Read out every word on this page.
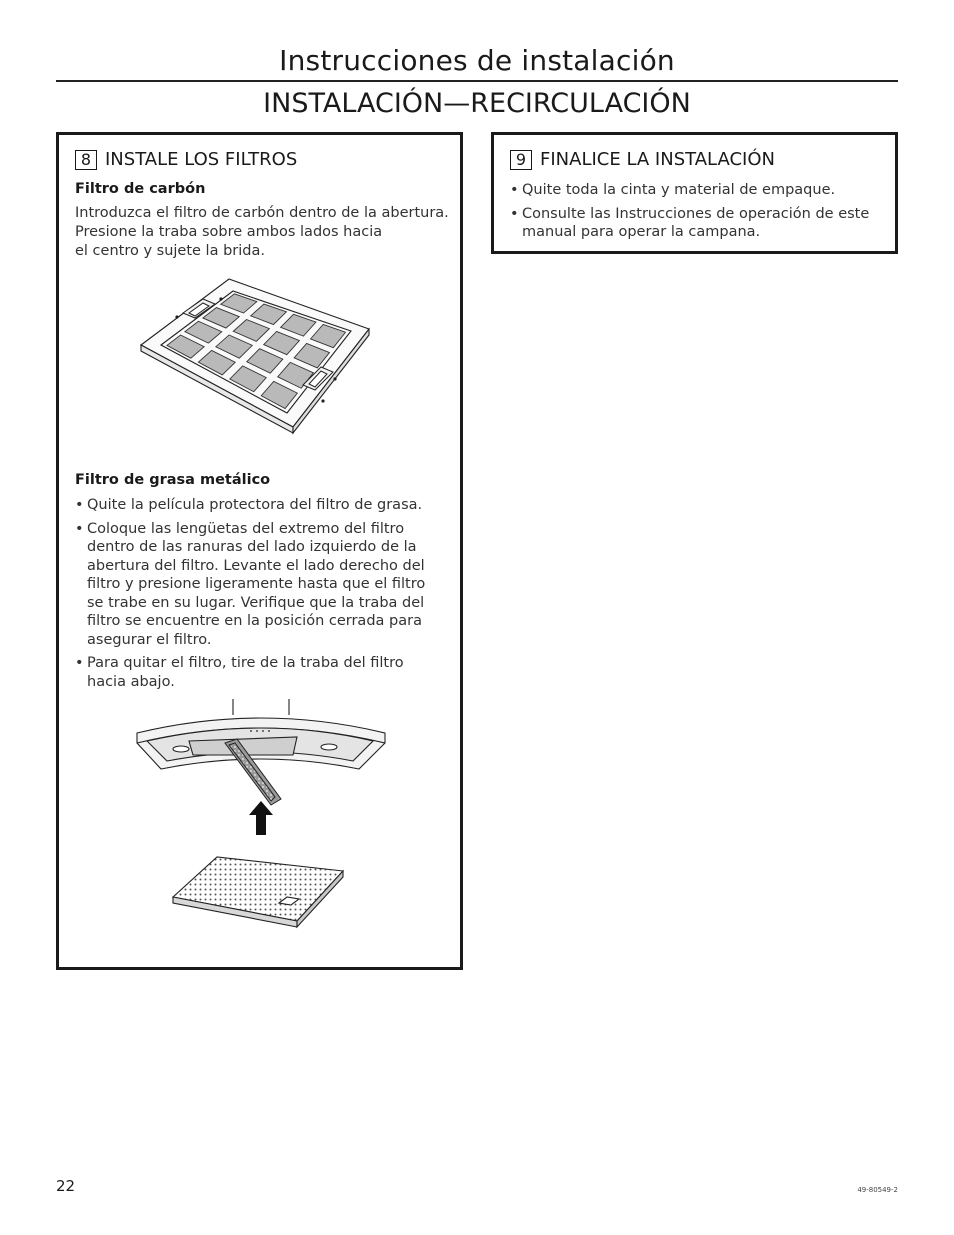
Instrucciones de instalación
INSTALACIÓN—RECIRCULACIÓN
8 INSTALE LOS FILTROS
Filtro de carbón
Introduzca el filtro de carbón dentro de la abertura.
Presione la traba sobre ambos lados hacia
el centro y sujete la brida.
Filtro de grasa metálico
• Quite la película protectora del filtro de grasa.
• Coloque las lengüetas del extremo del filtro dentro de las ranuras del lado izquierdo de la abertura del filtro. Levante el lado derecho del filtro y presione ligeramente hasta que el filtro se trabe en su lugar. Verifique que la traba del filtro se encuentre en la posición cerrada para asegurar el filtro.
• Para quitar el filtro, tire de la traba del filtro hacia abajo.
9 FINALICE LA INSTALACIÓN
• Quite toda la cinta y material de empaque.
• Consulte las Instrucciones de operación de este manual para operar la campana.
22	49-80549-2
